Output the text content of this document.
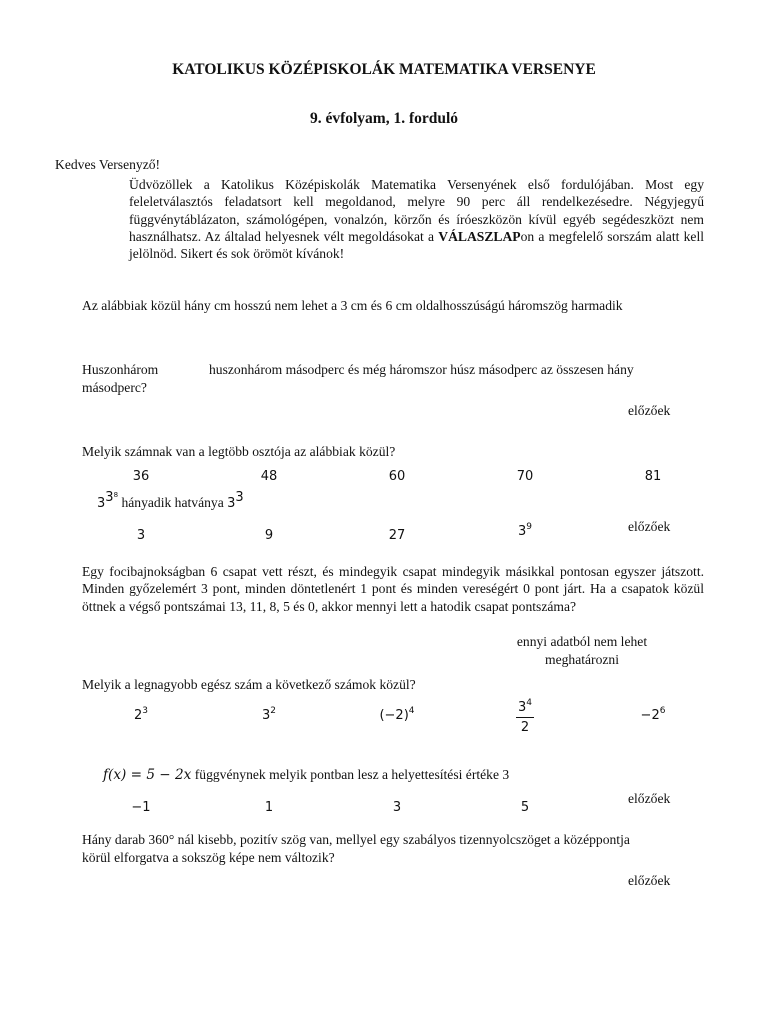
KATOLIKUS KÖZÉPISKOLÁK MATEMATIKA VERSENYE
9. évfolyam, 1. forduló
Kedves Versenyző!
Üdvözöllek a Katolikus Középiskolák Matematika Versenyének első fordulójában. Most egy feleletválasztós feladatsort kell megoldanod, melyre 90 perc áll rendelkezésedre. Négyjegyű függvénytáblázaton, számológépen, vonalzón, körzőn és íróeszközön kívül egyéb segédeszközt nem használhatsz. Az általad helyesnek vélt megoldásokat a VÁLASZLAPon a megfelelő sorszám alatt kell jelölnöd. Sikert és sok örömöt kívánok!
Az alábbiak közül hány cm hosszú nem lehet a 3 cm és 6 cm oldalhosszúságú háromszög harmadik
Huszonhárom	huszonhárom másodperc és még háromszor húsz másodperc az összesen hány
másodperc?
előzőek
Melyik számnak van a legtöbb osztója az alábbiak közül?
36	48	60	70	81
$3^{3^8}$ hányadik hatványa $3^3$
3	9	27	$3^9$	előzőek
Egy focibajnokságban 6 csapat vett részt, és mindegyik csapat mindegyik másikkal pontosan egyszer játszott. Minden győzelemért 3 pont, minden döntetlenért 1 pont és minden vereségért 0 pont járt. Ha a csapatok közül öttnek a végső pontszámai 13, 11, 8, 5 és 0, akkor mennyi lett a hatodik csapat pontszáma?
ennyi adatból nem lehet
meghatározni
Melyik a legnagyobb egész szám a következő számok közül?
$2^3$	$3^2$	$(-2)^4$	$3^4$
2
$-2^6$
f(x) = 5 − 2x függvénynek melyik pontban lesz a helyettesítési értéke 3
−1	1	3	5
előzőek
Hány darab 360° nál kisebb, pozitív szög van, mellyel egy szabályos tizennyolcszöget a középpontja
körül elforgatva a sokszög képe nem változik?
előzőek
